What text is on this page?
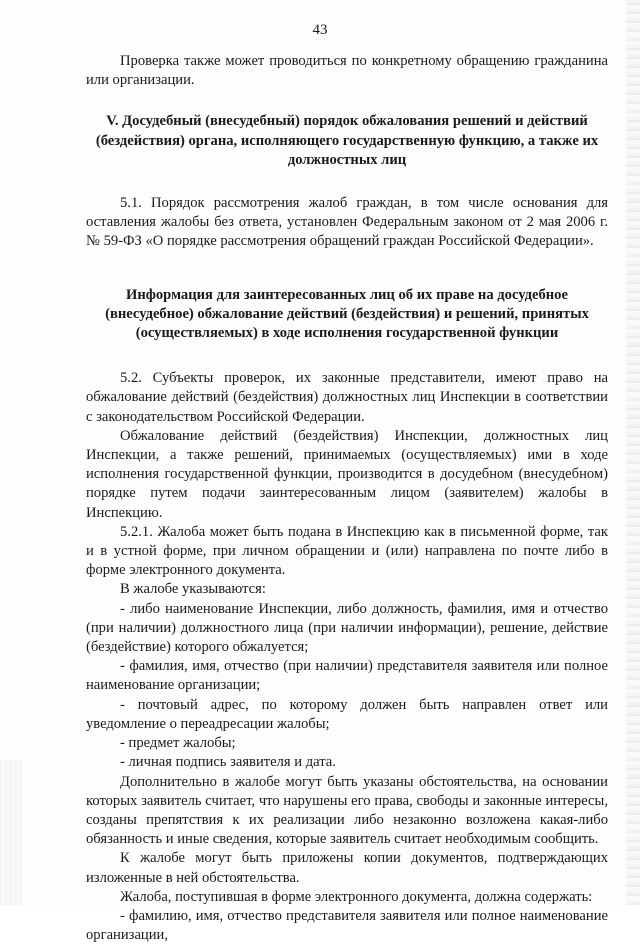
43

Проверка также может проводиться по конкретному обращению гражданина или организации.

V. Досудебный (внесудебный) порядок обжалования решений и действий (бездействия) органа, исполняющего государственную функцию, а также их должностных лиц

5.1. Порядок рассмотрения жалоб граждан, в том числе основания для оставления жалобы без ответа, установлен Федеральным законом от 2 мая 2006 г. № 59-ФЗ «О порядке рассмотрения обращений граждан Российской Федерации».

Информация для заинтересованных лиц об их праве на досудебное (внесудебное) обжалование действий (бездействия) и решений, принятых (осуществляемых) в ходе исполнения государственной функции

5.2. Субъекты проверок, их законные представители, имеют право на обжалование действий (бездействия) должностных лиц Инспекции в соответствии с законодательством Российской Федерации.

Обжалование действий (бездействия) Инспекции, должностных лиц Инспекции, а также решений, принимаемых (осуществляемых) ими в ходе исполнения государственной функции, производится в досудебном (внесудебном) порядке путем подачи заинтересованным лицом (заявителем) жалобы в Инспекцию.

5.2.1. Жалоба может быть подана в Инспекцию как в письменной форме, так и в устной форме, при личном обращении и (или) направлена по почте либо в форме электронного документа.

В жалобе указываются:

- либо наименование Инспекции, либо должность, фамилия, имя и отчество (при наличии) должностного лица (при наличии информации), решение, действие (бездействие) которого обжалуется;

- фамилия, имя, отчество (при наличии) представителя заявителя или полное наименование организации;

- почтовый адрес, по которому должен быть направлен ответ или уведомление о переадресации жалобы;

- предмет жалобы;

- личная подпись заявителя и дата.

Дополнительно в жалобе могут быть указаны обстоятельства, на основании которых заявитель считает, что нарушены его права, свободы и законные интересы, созданы препятствия к их реализации либо незаконно возложена какая-либо обязанность и иные сведения, которые заявитель считает необходимым сообщить.

К жалобе могут быть приложены копии документов, подтверждающих изложенные в ней обстоятельства.

Жалоба, поступившая в форме электронного документа, должна содержать:

- фамилию, имя, отчество представителя заявителя или полное наименование организации,
